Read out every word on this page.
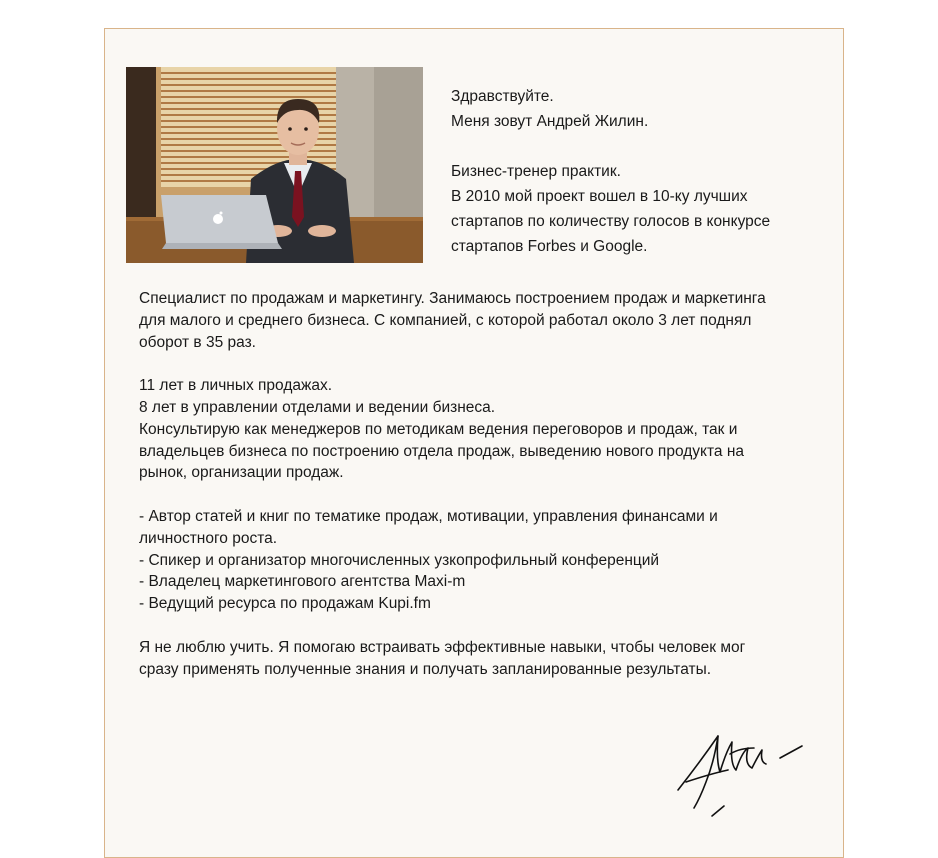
Здравствуйте.

Меня зовут Андрей Жилин.

Бизнес-тренер практик.

В 2010 мой проект вошел в 10-ку лучших

стартапов по количеству голосов в конкурсе

стартапов Forbes и Google.

Специалист по продажам и маркетингу. Занимаюсь построением продаж и маркетинга

для малого и среднего бизнеса. С компанией, с которой работал около 3 лет поднял

оборот в 35 раз.

11 лет в личных продажах.

8 лет в управлении отделами и ведении бизнеса.

Консультирую как менеджеров по методикам ведения переговоров и продаж, так и

владельцев бизнеса по построению отдела продаж, выведению нового продукта на

рынок, организации продаж.

- Автор статей и книг по тематике продаж, мотивации, управления финансами и

личностного роста.

- Спикер и организатор многочисленных узкопрофильный конференций

- Владелец маркетингового агентства Maxi-m

- Ведущий ресурса по продажам Kupi.fm

Я не люблю учить. Я помогаю встраивать эффективные навыки, чтобы человек мог

сразу применять полученные знания и получать запланированные результаты.
